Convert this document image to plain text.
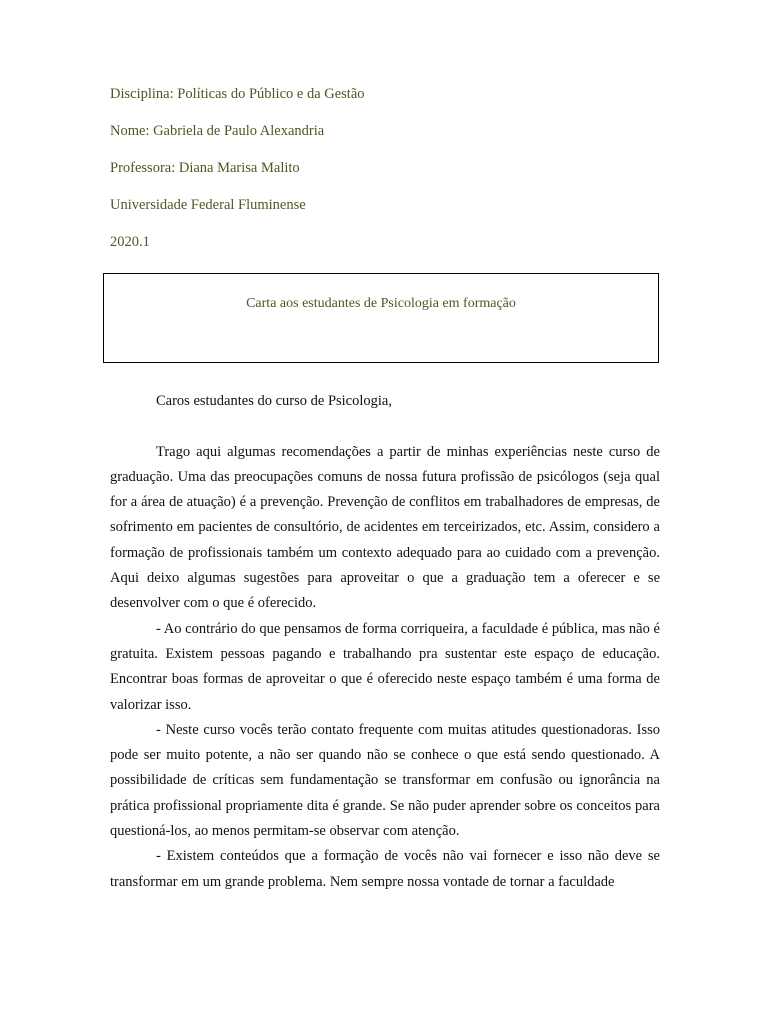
Disciplina: Políticas do Público e da Gestão
Nome: Gabriela de Paulo Alexandria
Professora: Diana Marisa Malito
Universidade Federal Fluminense
2020.1
Carta aos estudantes de Psicologia em formação

Caros estudantes do curso de Psicologia,

Trago aqui algumas recomendações a partir de minhas experiências neste curso de graduação. Uma das preocupações comuns de nossa futura profissão de psicólogos (seja qual for a área de atuação) é a prevenção. Prevenção de conflitos em trabalhadores de empresas, de sofrimento em pacientes de consultório, de acidentes em terceirizados, etc. Assim, considero a formação de profissionais também um contexto adequado para ao cuidado com a prevenção. Aqui deixo algumas sugestões para aproveitar o que a graduação tem a oferecer e se desenvolver com o que é oferecido.

- Ao contrário do que pensamos de forma corriqueira, a faculdade é pública, mas não é gratuita. Existem pessoas pagando e trabalhando pra sustentar este espaço de educação. Encontrar boas formas de aproveitar o que é oferecido neste espaço também é uma forma de valorizar isso.

- Neste curso vocês terão contato frequente com muitas atitudes questionadoras. Isso pode ser muito potente, a não ser quando não se conhece o que está sendo questionado. A possibilidade de críticas sem fundamentação se transformar em confusão ou ignorância na prática profissional propriamente dita é grande. Se não puder aprender sobre os conceitos para questioná-los, ao menos permitam-se observar com atenção.

- Existem conteúdos que a formação de vocês não vai fornecer e isso não deve se transformar em um grande problema. Nem sempre nossa vontade de tornar a faculdade
